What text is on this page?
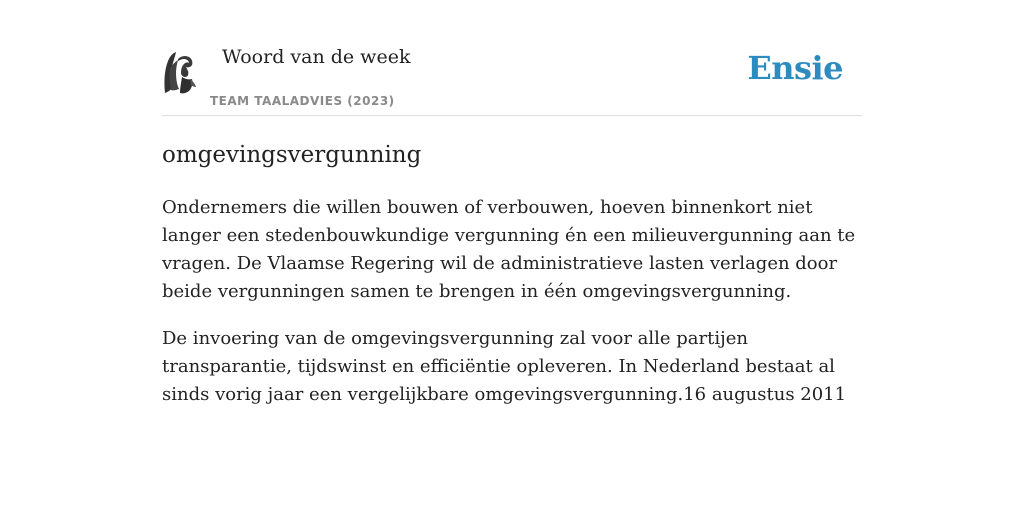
Woord van de week
TEAM TAALADVIES (2023)
Ensie
omgevingsvergunning

Ondernemers die willen bouwen of verbouwen, hoeven binnenkort niet langer een stedenbouwkundige vergunning én een milieuvergunning aan te vragen. De Vlaamse Regering wil de administratieve lasten verlagen door beide vergunningen samen te brengen in één omgevingsvergunning.

De invoering van de omgevingsvergunning zal voor alle partijen transparantie, tijdswinst en efficiëntie opleveren. In Nederland bestaat al sinds vorig jaar een vergelijkbare omgevingsvergunning.16 augustus 2011
